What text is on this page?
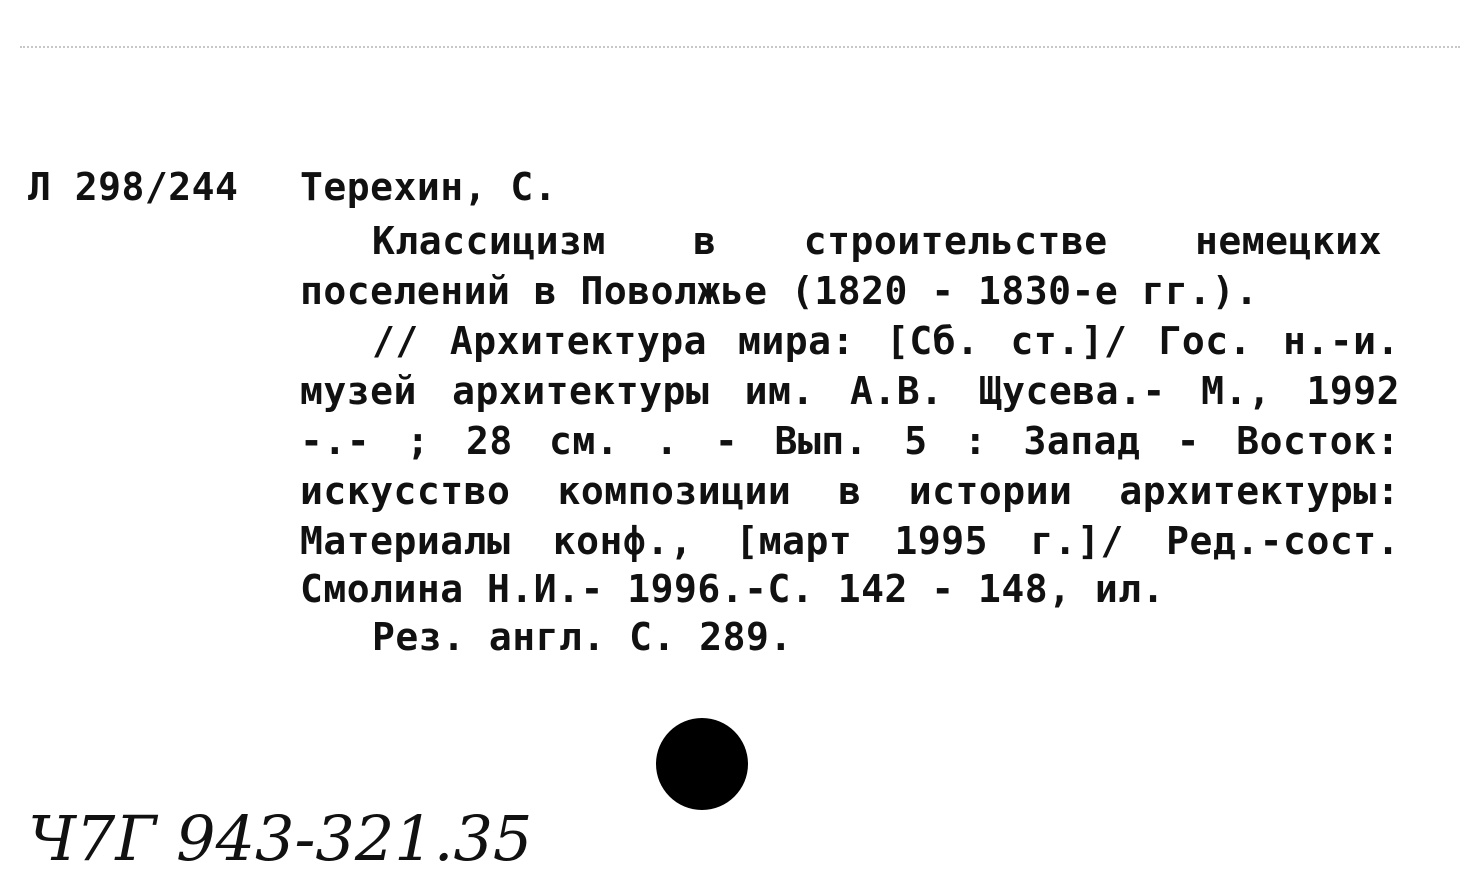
Л 298/244 Терехин, С.
Классицизм в строительстве немецких
поселений в Поволжье (1820 - 1830-е гг.).
// Архитектура мира: [Сб. ст.]/ Гос. н.-и.
музей архитектуры им. А.В. Щусева.- М., 1992
-.- ; 28 см. . - Вып. 5 : Запад - Восток:
искусство композиции в истории архитектуры:
Материалы конф., [март 1995 г.]/ Ред.-сост.
Смолина Н.И.- 1996.-С. 142 - 148, ил.
Рез. англ. С. 289.
Ч7Г 943-321.35
